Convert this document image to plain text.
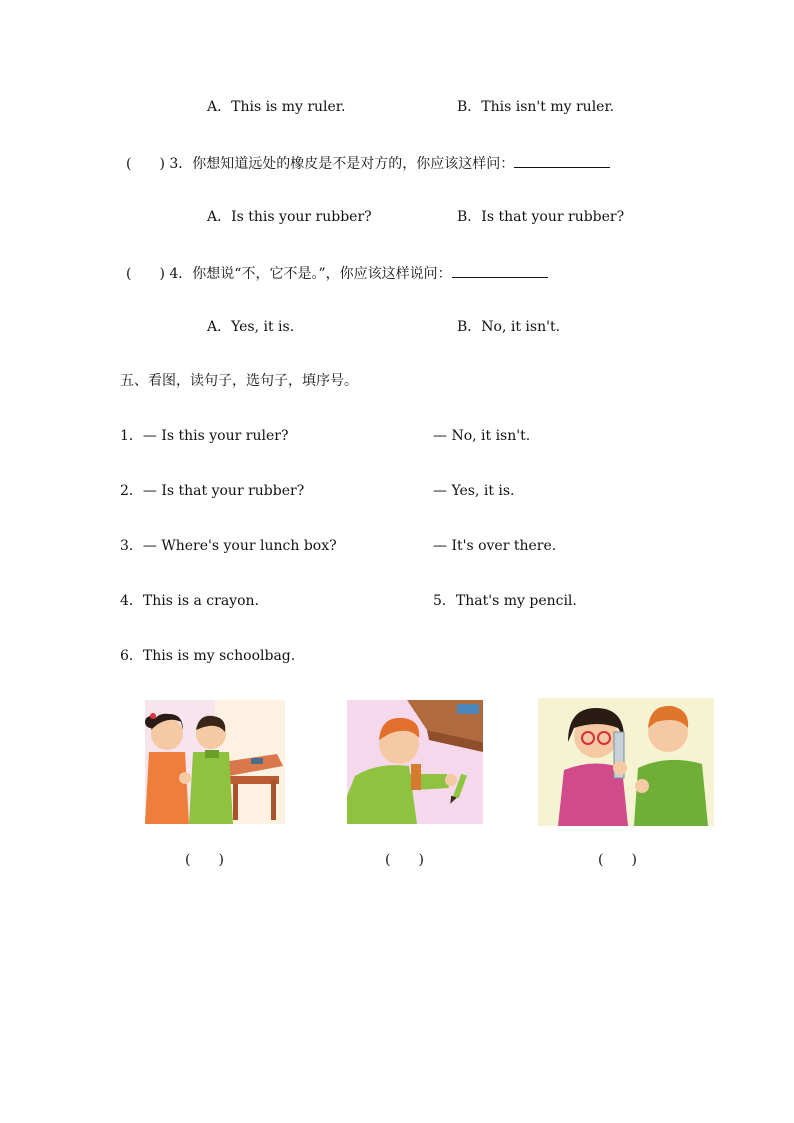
A．This is my ruler.	B．This isn't my ruler.
(　　) 3．你想知道远处的橡皮是不是对方的，你应该这样问：
A．Is this your rubber?	B．Is that your rubber?
(　　) 4．你想说“不，它不是。”，你应该这样说问：
A．Yes, it is.	B．No, it isn't.
五、看图，读句子，选句子，填序号。
1．— Is this your ruler?	— No, it isn't.
2．— Is that your rubber?	— Yes, it is.
3．— Where's your lunch box?	— It's over there.
4．This is a crayon.	5．That's my pencil.
6．This is my schoolbag.
(　　)	(　　)	(　　)
